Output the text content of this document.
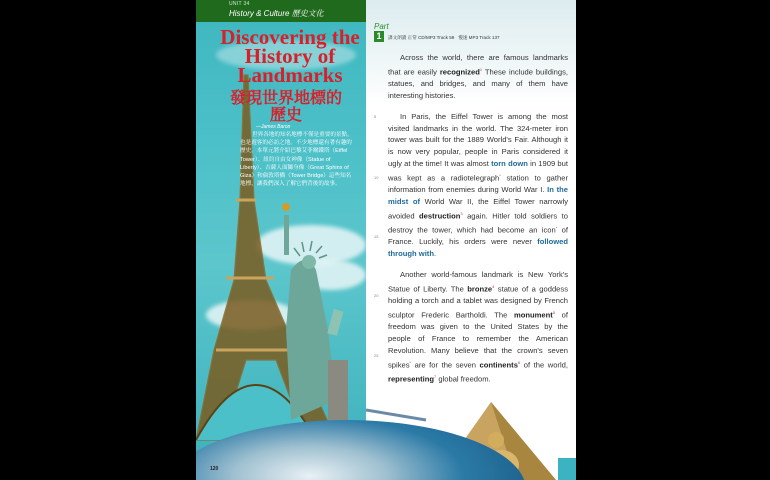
UNIT 34
History & Culture 歷史文化
Discovering the History of Landmarks
發現世界地標的歷史
—James Baron
世界各地的知名地標不僅是重要的景點，也是遊客的必訪之地。不少地標還有著有趣的歷史。本單元將介紹巴黎艾菲爾鐵塔（Eiffel Tower）、紐約自由女神像（Statue of Liberty）、吉薩人面獅身像（Great Sphinx of Giza）和倫敦塔橋（Tower Bridge）這些知名地標，讓我們深入了解它們背後的故事。
Part
1	課文朗讀 正常 CD/MP3 Track 59 慢速 MP3 Track 137
5
10
15
20
25

Across the world, there are famous landmarks that are easily recognized$^1$ These include buildings, statues, and bridges, and many of them have interesting histories.

In Paris, the Eiffel Tower is among the most visited landmarks in the world. The 324-meter iron tower was built for the 1889 World's Fair. Although it is now very popular, people in Paris considered it ugly at the time! It was almost torn down in 1909 but was kept as a radiotelegraph* station to gather information from enemies during World War I. In the midst of World War II, the Eiffel Tower narrowly avoided destruction$^3$ again. Hitler told soldiers to destroy the tower, which had become an icon* of France. Luckily, his orders were never followed through with.

Another world-famous landmark is New York's Statue of Liberty. The bronze$^4$ statue of a goddess holding a torch and a tablet was designed by French sculptor Frederic Bartholdi. The monument$^5$ of freedom was given to the United States by the people of France to remember the American Revolution. Many believe that the crown's seven spikes* are for the seven continents$^6$ of the world, representing$^7$ global freedom.

120
